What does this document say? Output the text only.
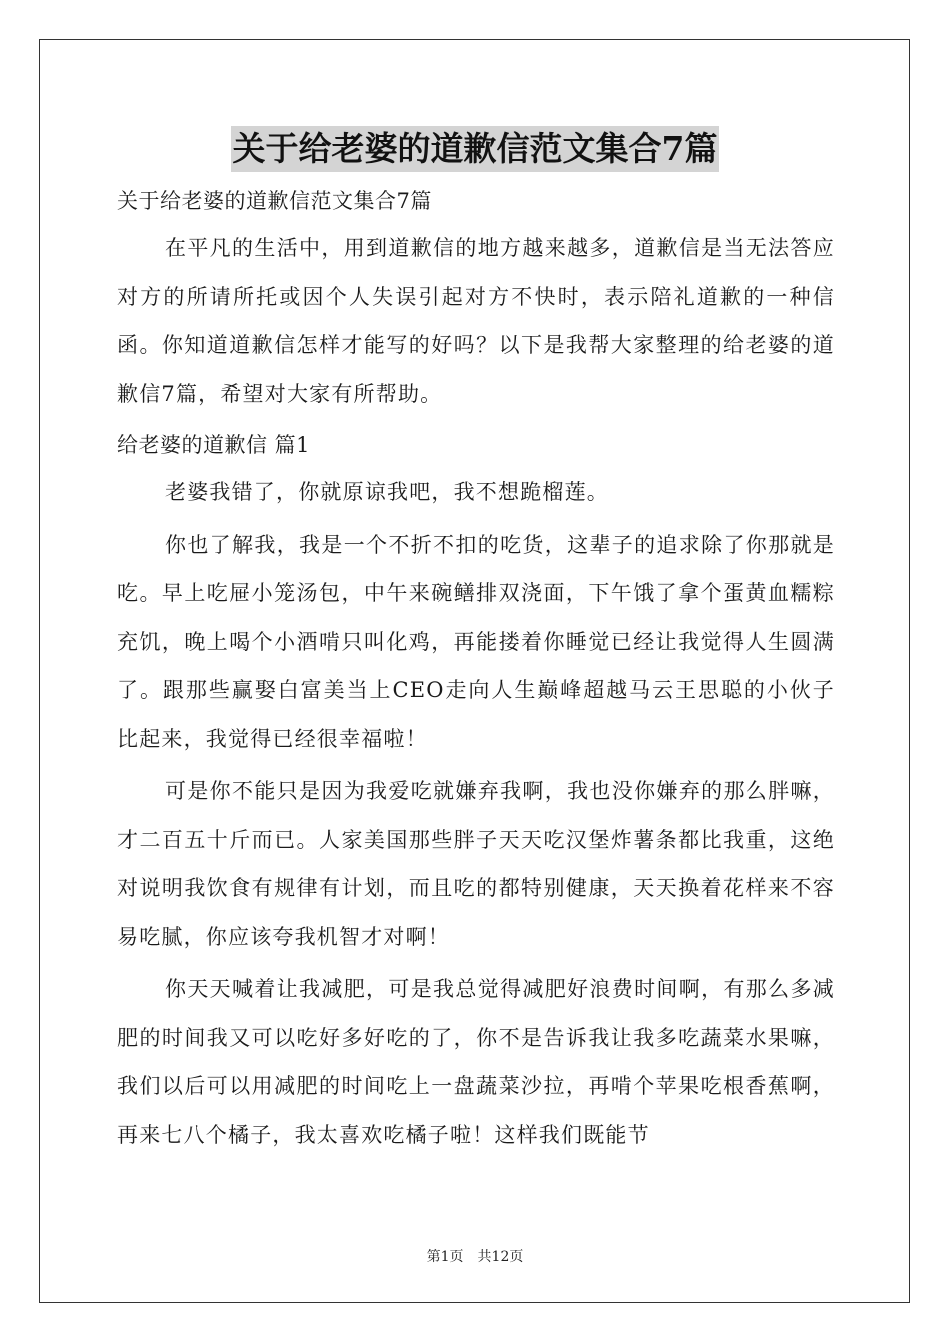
关于给老婆的道歉信范文集合7篇

关于给老婆的道歉信范文集合7篇

在平凡的生活中，用到道歉信的地方越来越多，道歉信是当无法答应对方的所请所托或因个人失误引起对方不快时，表示陪礼道歉的一种信函。你知道道歉信怎样才能写的好吗？以下是我帮大家整理的给老婆的道歉信7篇，希望对大家有所帮助。

给老婆的道歉信 篇1

老婆我错了，你就原谅我吧，我不想跪榴莲。

你也了解我，我是一个不折不扣的吃货，这辈子的追求除了你那就是吃。早上吃屉小笼汤包，中午来碗鳝排双浇面，下午饿了拿个蛋黄血糯粽充饥，晚上喝个小酒啃只叫化鸡，再能搂着你睡觉已经让我觉得人生圆满了。跟那些赢娶白富美当上CEO走向人生巅峰超越马云王思聪的小伙子比起来，我觉得已经很幸福啦！

可是你不能只是因为我爱吃就嫌弃我啊，我也没你嫌弃的那么胖嘛，才二百五十斤而已。人家美国那些胖子天天吃汉堡炸薯条都比我重，这绝对说明我饮食有规律有计划，而且吃的都特别健康，天天换着花样来不容易吃腻，你应该夸我机智才对啊！

你天天喊着让我减肥，可是我总觉得减肥好浪费时间啊，有那么多减肥的时间我又可以吃好多好吃的了，你不是告诉我让我多吃蔬菜水果嘛，我们以后可以用减肥的时间吃上一盘蔬菜沙拉，再啃个苹果吃根香蕉啊，再来七八个橘子，我太喜欢吃橘子啦！这样我们既能节

第1页　共12页
